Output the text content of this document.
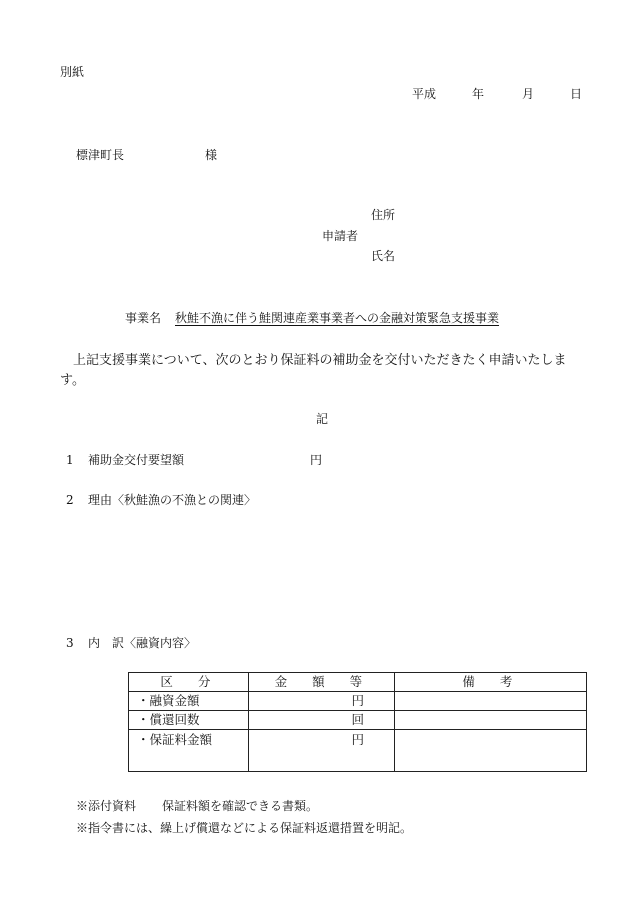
別紙
平成	年	月	日
標津町長	様
住所
申請者
氏名
事業名 秋鮭不漁に伴う鮭関連産業事業者への金融対策緊急支援事業
上記支援事業について、次のとおり保証料の補助金を交付いただきたく申請いたします。
記
1 補助金交付要望額	円
2 理由〈秋鮭漁の不漁との関連〉
3 内　訳〈融資内容〉
区　分	金　額　等	備　考
・融資金額	円	
・償還回数	回	
・保証料金額	円	
※添付資料 保証料額を確認できる書類。
※指令書には、繰上げ償還などによる保証料返還措置を明記。
